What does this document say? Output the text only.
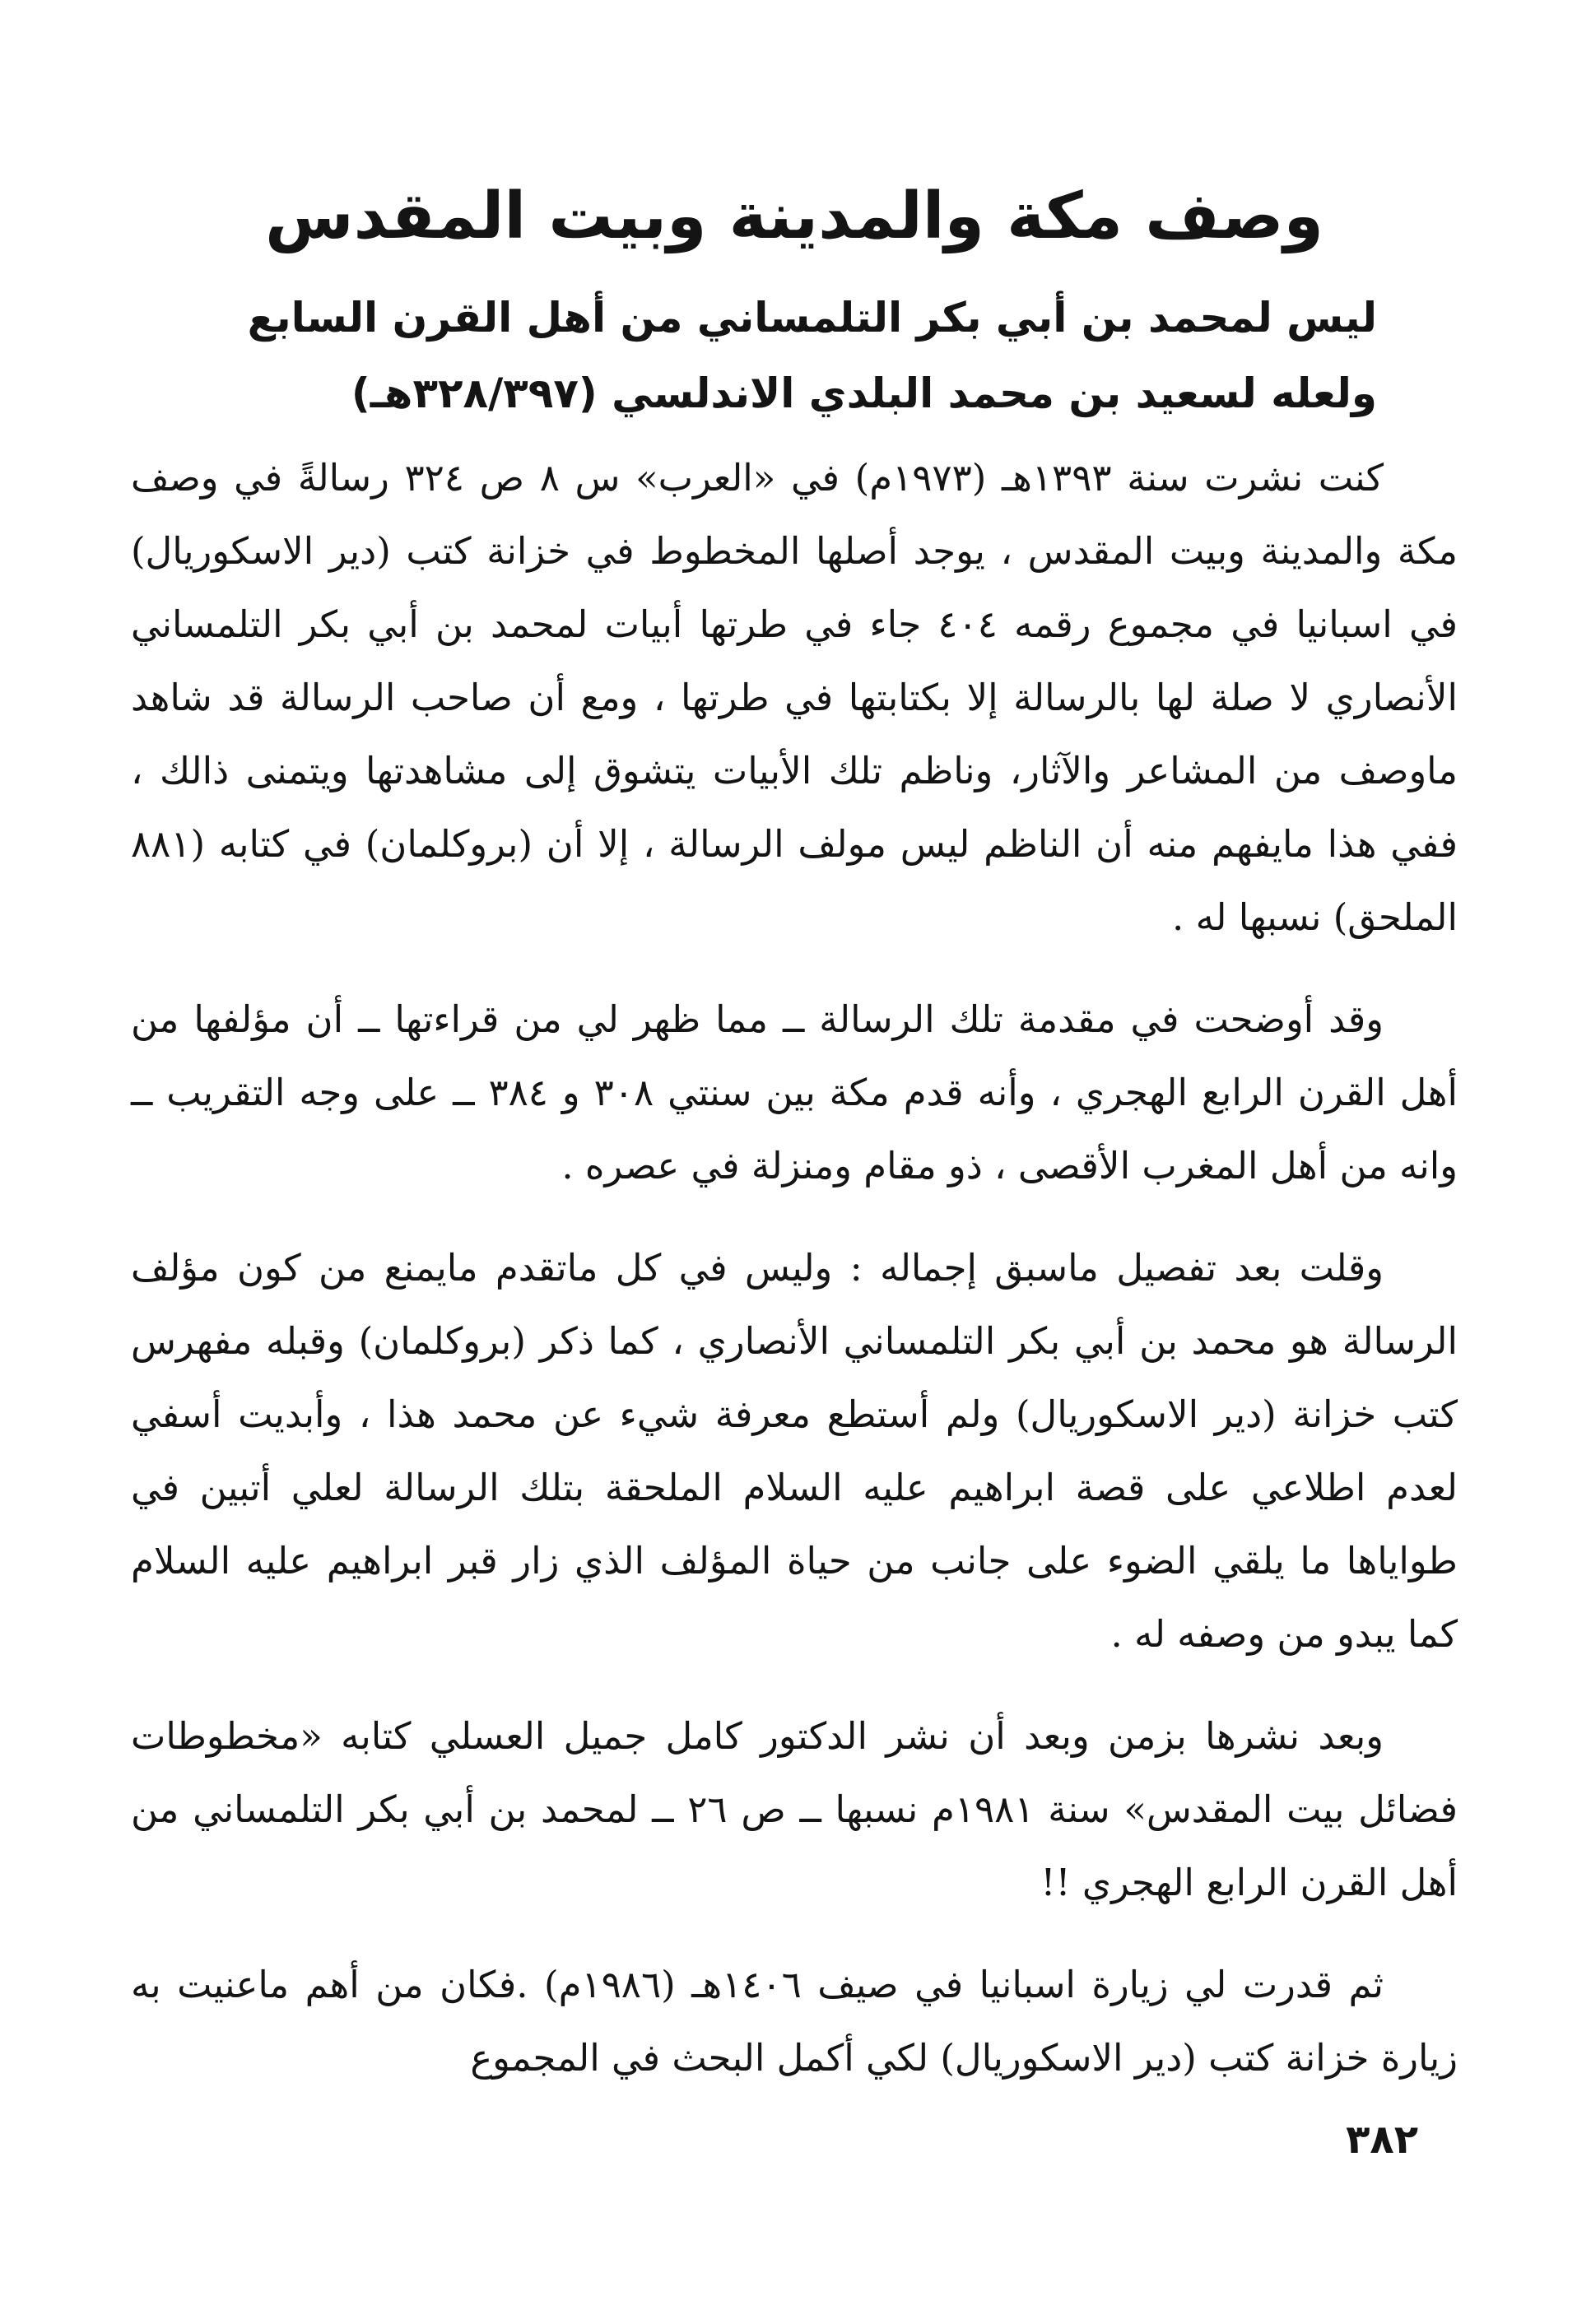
وصف مكة والمدينة وبيت المقدس

ليس لمحمد بن أبي بكر التلمساني من أهل القرن السابع

ولعله لسعيد بن محمد البلدي الاندلسي (٣٢٨/٣٩٧هـ)

كنت نشرت سنة ١٣٩٣هـ (١٩٧٣م) في «العرب» س ٨ ص ٣٢٤ رسالةً في وصف مكة والمدينة وبيت المقدس ، يوجد أصلها المخطوط في خزانة كتب (دير الاسكوريال) في اسبانيا في مجموع رقمه ٤٠٤ جاء في طرتها أبيات لمحمد بن أبي بكر التلمساني الأنصاري لا صلة لها بالرسالة إلا بكتابتها في طرتها ، ومع أن صاحب الرسالة قد شاهد ماوصف من المشاعر والآثار، وناظم تلك الأبيات يتشوق إلى مشاهدتها ويتمنى ذالك ، ففي هذا مايفهم منه أن الناظم ليس مولف الرسالة ، إلا أن (بروكلمان) في كتابه (٨٨١ الملحق) نسبها له .

وقد أوضحت في مقدمة تلك الرسالة ــ مما ظهر لي من قراءتها ــ أن مؤلفها من أهل القرن الرابع الهجري ، وأنه قدم مكة بين سنتي ٣٠٨ و ٣٨٤ ــ على وجه التقريب ــ وانه من أهل المغرب الأقصى ، ذو مقام ومنزلة في عصره .

وقلت بعد تفصيل ماسبق إجماله : وليس في كل ماتقدم مايمنع من كون مؤلف الرسالة هو محمد بن أبي بكر التلمساني الأنصاري ، كما ذكر (بروكلمان) وقبله مفهرس كتب خزانة (دير الاسكوريال) ولم أستطع معرفة شيء عن محمد هذا ، وأبديت أسفي لعدم اطلاعي على قصة ابراهيم عليه السلام الملحقة بتلك الرسالة لعلي أتبين في طواياها ما يلقي الضوء على جانب من حياة المؤلف الذي زار قبر ابراهيم عليه السلام كما يبدو من وصفه له .

وبعد نشرها بزمن وبعد أن نشر الدكتور كامل جميل العسلي كتابه «مخطوطات فضائل بيت المقدس» سنة ١٩٨١م نسبها ــ ص ٢٦ ــ لمحمد بن أبي بكر التلمساني من أهل القرن الرابع الهجري !!

ثم قدرت لي زيارة اسبانيا في صيف ١٤٠٦هـ (١٩٨٦م) .فكان من أهم ماعنيت به زيارة خزانة كتب (دير الاسكوريال) لكي أكمل البحث في المجموع

٣٨٢
